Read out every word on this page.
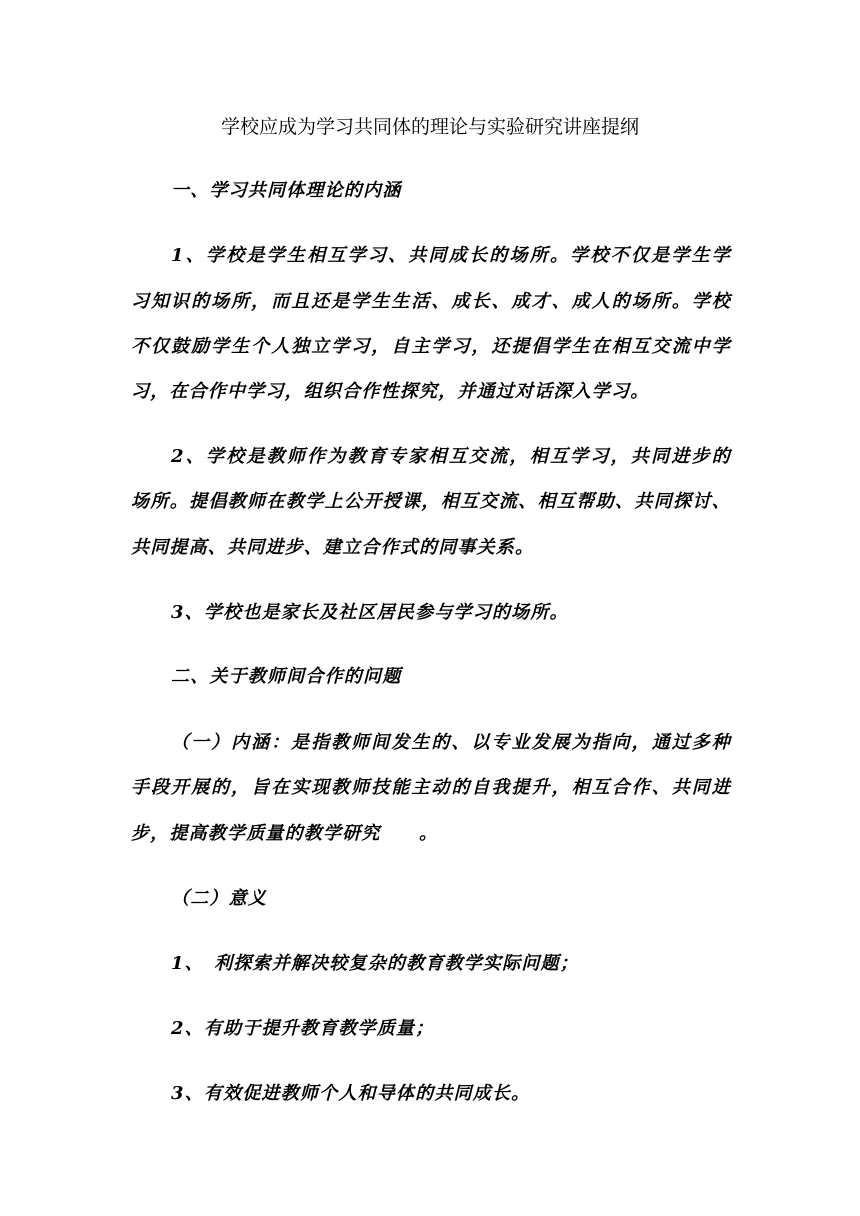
学校应成为学习共同体的理论与实验研究讲座提纲
一、学习共同体理论的内涵
1、学校是学生相互学习、共同成长的场所。学校不仅是学生学
习知识的场所，而且还是学生生活、成长、成才、成人的场所。学校
不仅鼓励学生个人独立学习，自主学习，还提倡学生在相互交流中学
习，在合作中学习，组织合作性探究，并通过对话深入学习。
2、学校是教师作为教育专家相互交流，相互学习，共同进步的
场所。提倡教师在教学上公开授课，相互交流、相互帮助、共同探讨、
共同提高、共同进步、建立合作式的同事关系。
3、学校也是家长及社区居民参与学习的场所。
二、关于教师间合作的问题
（一）内涵：是指教师间发生的、以专业发展为指向，通过多种
手段开展的，旨在实现教师技能主动的自我提升，相互合作、共同进
步，提高教学质量的教学研究　　。
（二）意义
1、　利探索并解决较复杂的教育教学实际问题；
2、有助于提升教育教学质量；
3、有效促进教师个人和导体的共同成长。
